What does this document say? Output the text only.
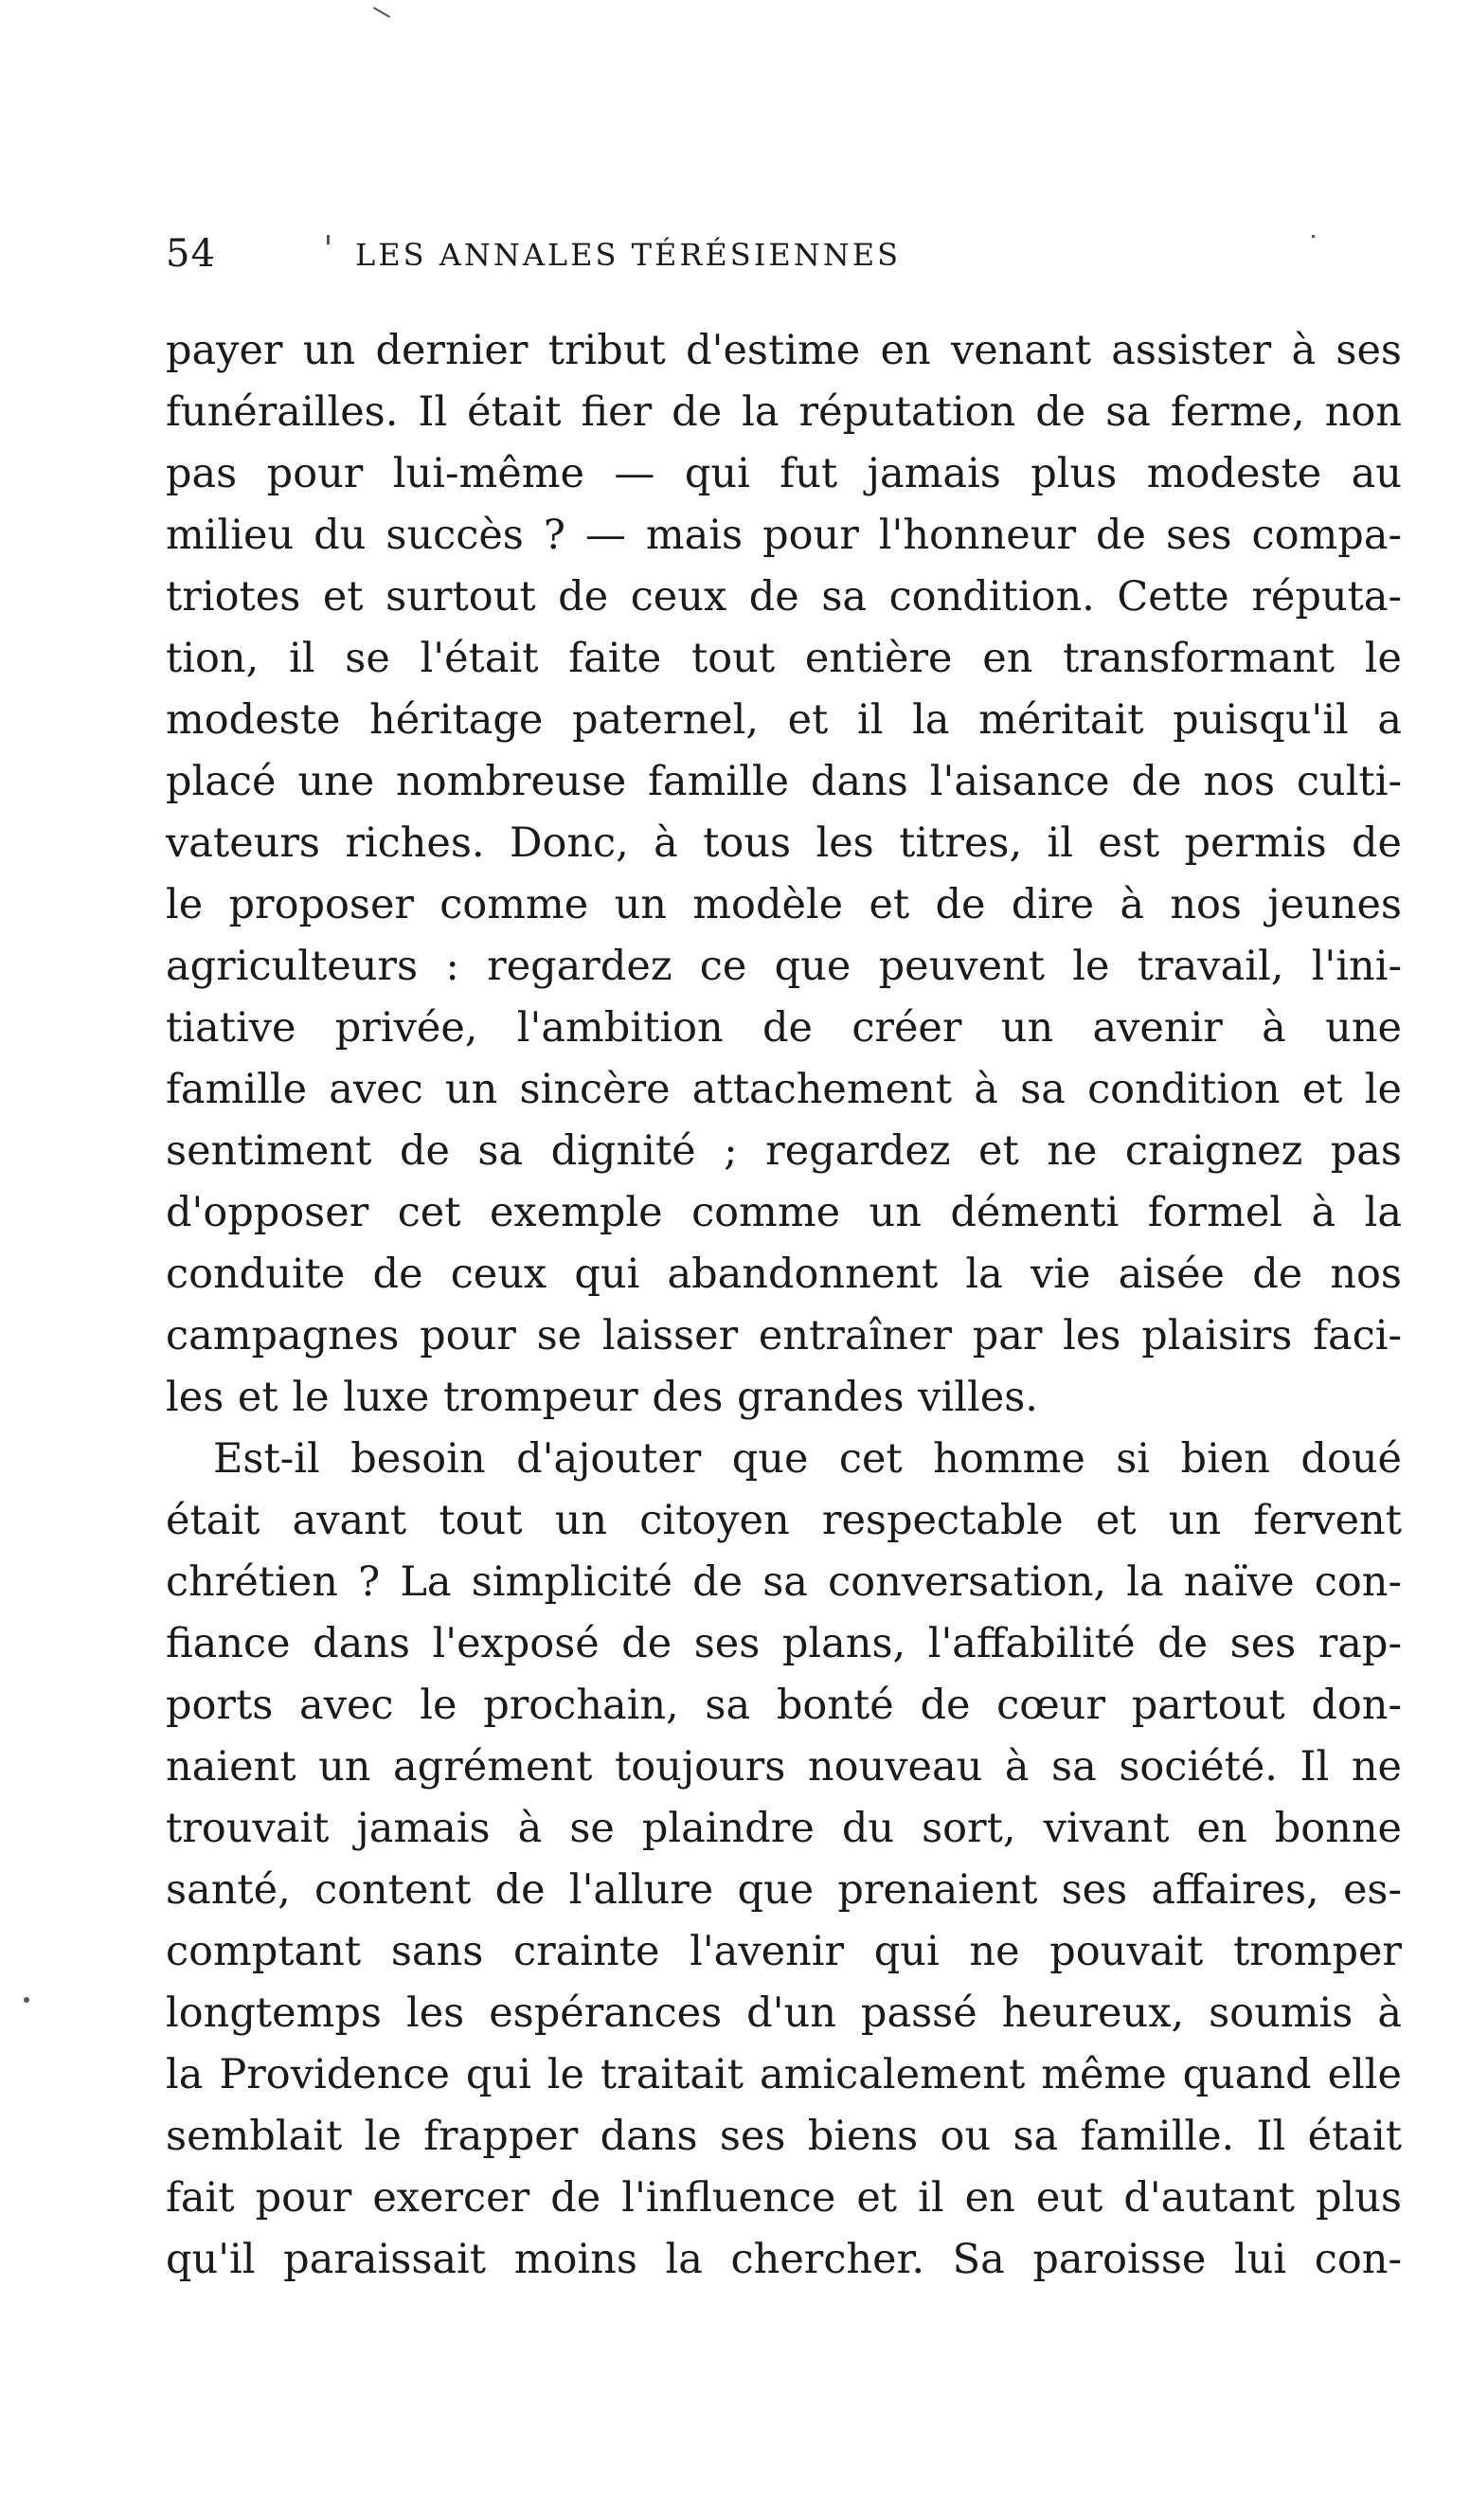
54	LES ANNALES TÉRÉSIENNES
payer un dernier tribut d'estime en venant assister à ses
funérailles. Il était fier de la réputation de sa ferme, non
pas pour lui-même — qui fut jamais plus modeste au
milieu du succès ? — mais pour l'honneur de ses compa-
triotes et surtout de ceux de sa condition. Cette réputa-
tion, il se l'était faite tout entière en transformant le
modeste héritage paternel, et il la méritait puisqu'il a
placé une nombreuse famille dans l'aisance de nos culti-
vateurs riches. Donc, à tous les titres, il est permis de
le proposer comme un modèle et de dire à nos jeunes
agriculteurs : regardez ce que peuvent le travail, l'ini-
tiative privée, l'ambition de créer un avenir à une
famille avec un sincère attachement à sa condition et le
sentiment de sa dignité ; regardez et ne craignez pas
d'opposer cet exemple comme un démenti formel à la
conduite de ceux qui abandonnent la vie aisée de nos
campagnes pour se laisser entraîner par les plaisirs faci-
les et le luxe trompeur des grandes villes.
Est-il besoin d'ajouter que cet homme si bien doué
était avant tout un citoyen respectable et un fervent
chrétien ? La simplicité de sa conversation, la naïve con-
fiance dans l'exposé de ses plans, l'affabilité de ses rap-
ports avec le prochain, sa bonté de cœur partout don-
naient un agrément toujours nouveau à sa société. Il ne
trouvait jamais à se plaindre du sort, vivant en bonne
santé, content de l'allure que prenaient ses affaires, es-
comptant sans crainte l'avenir qui ne pouvait tromper
longtemps les espérances d'un passé heureux, soumis à
la Providence qui le traitait amicalement même quand elle
semblait le frapper dans ses biens ou sa famille. Il était
fait pour exercer de l'influence et il en eut d'autant plus
qu'il paraissait moins la chercher. Sa paroisse lui con-
